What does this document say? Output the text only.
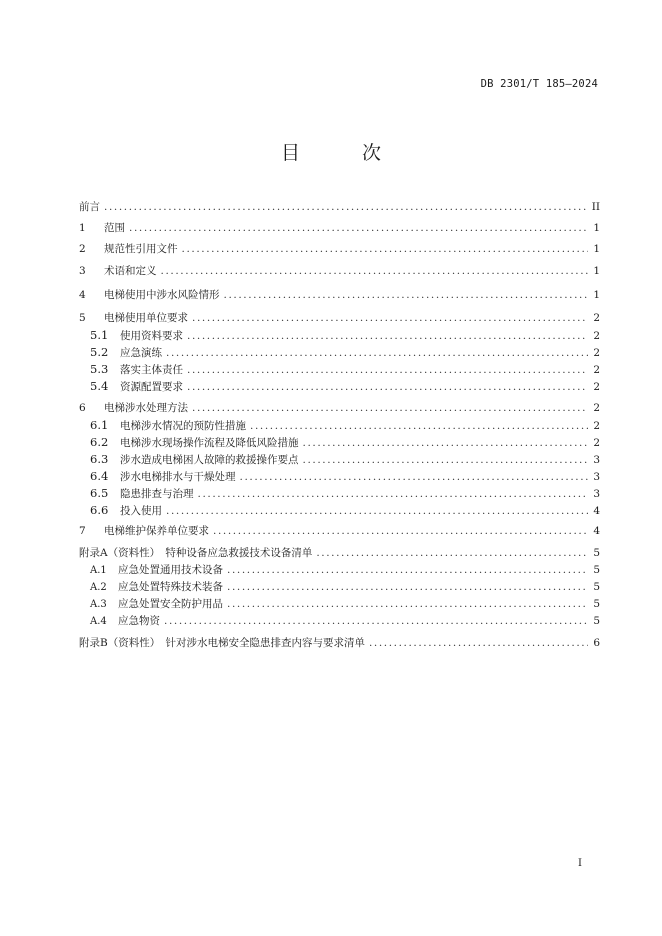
DB 2301/T 185—2024
目 次
前言 .....	II
1	范围 .....	1
2	规范性引用文件 .....	1
3	术语和定义 .....	1
4	电梯使用中涉水风险情形 .....	1
5	电梯使用单位要求 .....	2
5.1	使用资料要求 .....	2
5.2	应急演练 .....	2
5.3	落实主体责任 .....	2
5.4	资源配置要求 .....	2
6	电梯涉水处理方法 .....	2
6.1	电梯涉水情况的预防性措施 .....	2
6.2	电梯涉水现场操作流程及降低风险措施 .....	2
6.3	涉水造成电梯困人故障的救援操作要点 .....	3
6.4	涉水电梯排水与干燥处理 .....	3
6.5	隐患排查与治理 .....	3
6.6	投入使用 .....	4
7	电梯维护保养单位要求 .....	4
附录A（资料性）　特种设备应急救援技术设备清单 .....	5
A.1	应急处置通用技术设备 .....	5
A.2	应急处置特殊技术装备 .....	5
A.3	应急处置安全防护用品 .....	5
A.4	应急物资 .....	5
附录B（资料性）　针对涉水电梯安全隐患排查内容与要求清单 .....	6
I
